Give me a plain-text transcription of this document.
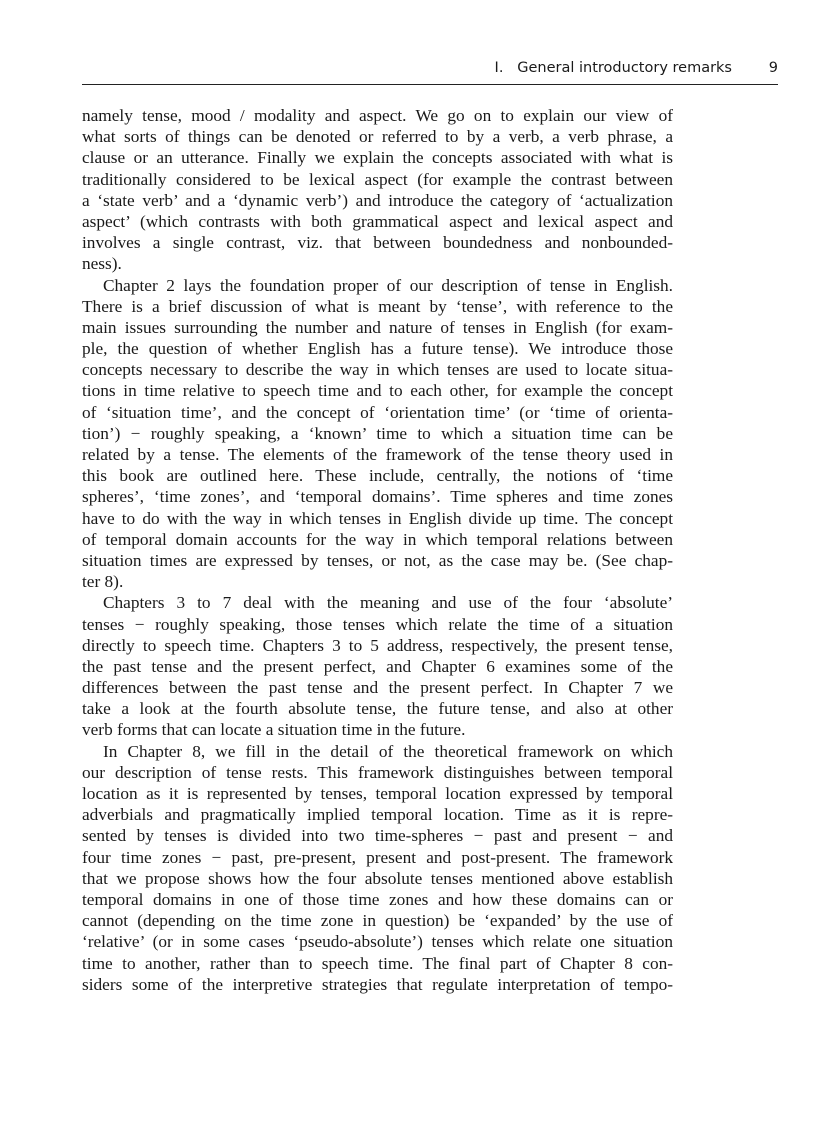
I.   General introductory remarks	9
namely tense, mood / modality and aspect. We go on to explain our view of
what sorts of things can be denoted or referred to by a verb, a verb phrase, a
clause or an utterance. Finally we explain the concepts associated with what is
traditionally considered to be lexical aspect (for example the contrast between
a ‘state verb’ and a ‘dynamic verb’) and introduce the category of ‘actualization
aspect’ (which contrasts with both grammatical aspect and lexical aspect and
involves a single contrast, viz. that between boundedness and nonbounded-
ness).
Chapter 2 lays the foundation proper of our description of tense in English.
There is a brief discussion of what is meant by ‘tense’, with reference to the
main issues surrounding the number and nature of tenses in English (for exam-
ple, the question of whether English has a future tense). We introduce those
concepts necessary to describe the way in which tenses are used to locate situa-
tions in time relative to speech time and to each other, for example the concept
of ‘situation time’, and the concept of ‘orientation time’ (or ‘time of orienta-
tion’) − roughly speaking, a ‘known’ time to which a situation time can be
related by a tense. The elements of the framework of the tense theory used in
this book are outlined here. These include, centrally, the notions of ‘time
spheres’, ‘time zones’, and ‘temporal domains’. Time spheres and time zones
have to do with the way in which tenses in English divide up time. The concept
of temporal domain accounts for the way in which temporal relations between
situation times are expressed by tenses, or not, as the case may be. (See chap-
ter 8).
Chapters 3 to 7 deal with the meaning and use of the four ‘absolute’
tenses − roughly speaking, those tenses which relate the time of a situation
directly to speech time. Chapters 3 to 5 address, respectively, the present tense,
the past tense and the present perfect, and Chapter 6 examines some of the
differences between the past tense and the present perfect. In Chapter 7 we
take a look at the fourth absolute tense, the future tense, and also at other
verb forms that can locate a situation time in the future.
In Chapter 8, we fill in the detail of the theoretical framework on which
our description of tense rests. This framework distinguishes between temporal
location as it is represented by tenses, temporal location expressed by temporal
adverbials and pragmatically implied temporal location. Time as it is repre-
sented by tenses is divided into two time-spheres − past and present − and
four time zones − past, pre-present, present and post-present. The framework
that we propose shows how the four absolute tenses mentioned above establish
temporal domains in one of those time zones and how these domains can or
cannot (depending on the time zone in question) be ‘expanded’ by the use of
‘relative’ (or in some cases ‘pseudo-absolute’) tenses which relate one situation
time to another, rather than to speech time. The final part of Chapter 8 con-
siders some of the interpretive strategies that regulate interpretation of tempo-
